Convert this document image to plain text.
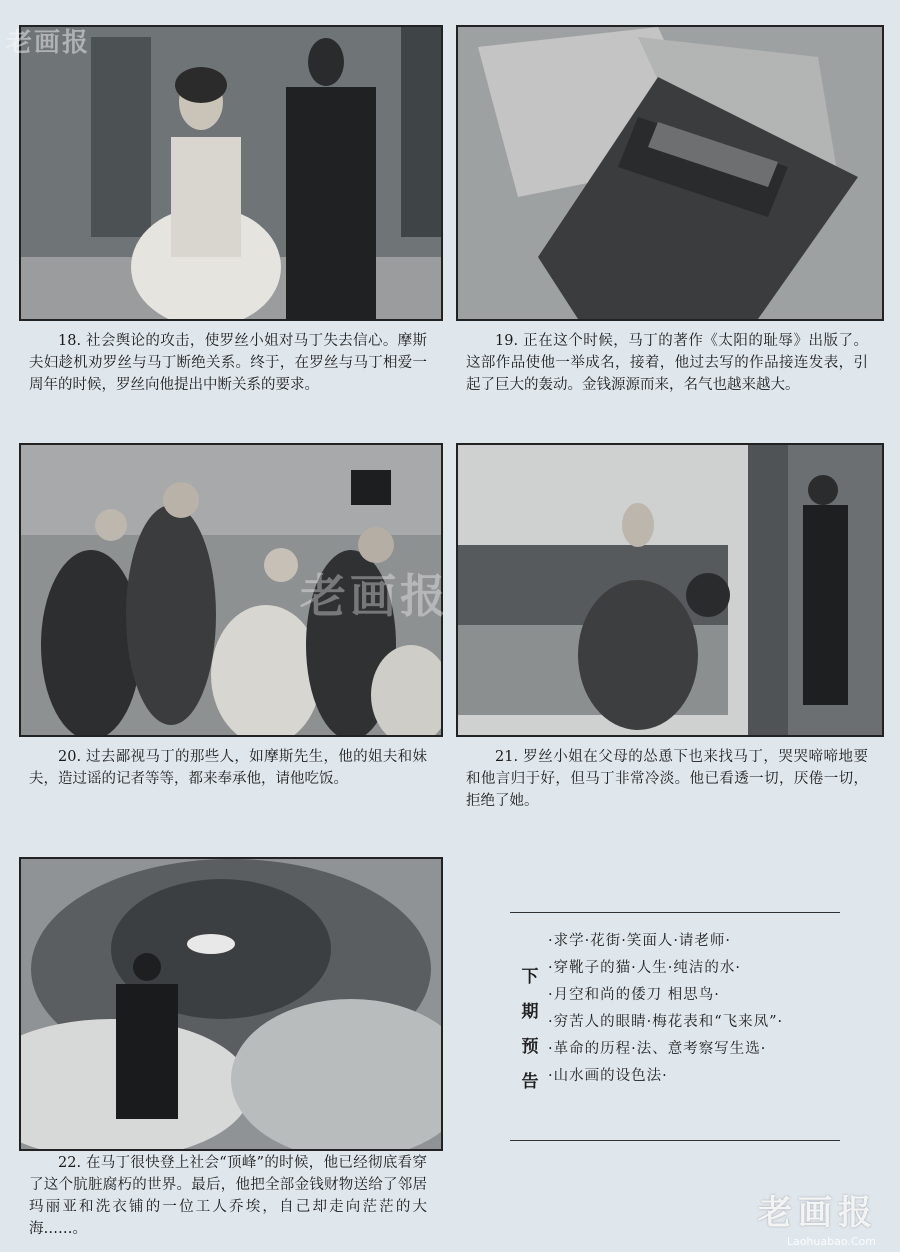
18. 社会舆论的攻击，使罗丝小姐对马丁失去信心。摩斯夫妇趁机劝罗丝与马丁断绝关系。终于，在罗丝与马丁相爱一周年的时候，罗丝向他提出中断关系的要求。
19. 正在这个时候，马丁的著作《太阳的耻辱》出版了。这部作品使他一举成名，接着，他过去写的作品接连发表，引起了巨大的轰动。金钱源源而来，名气也越来越大。
20. 过去鄙视马丁的那些人，如摩斯先生，他的姐夫和妹夫，造过谣的记者等等，都来奉承他，请他吃饭。
21. 罗丝小姐在父母的怂恿下也来找马丁，哭哭啼啼地要和他言归于好，但马丁非常冷淡。他已看透一切，厌倦一切，拒绝了她。
22. 在马丁很快登上社会“顶峰”的时候，他已经彻底看穿了这个肮脏腐朽的世界。最后，他把全部金钱财物送给了邻居玛丽亚和洗衣铺的一位工人乔埃，自己却走向茫茫的大海……。
下
期
预
告
·求学·花街·笑面人·请老师·
·穿靴子的猫·人生·纯洁的水·
·月空和尚的倭刀 相思鸟·
·穷苦人的眼睛·梅花表和“飞来凤”·
·革命的历程·法、意考察写生选·
·山水画的设色法·
老画报
老画报
老画报
Laohuabao.Com
